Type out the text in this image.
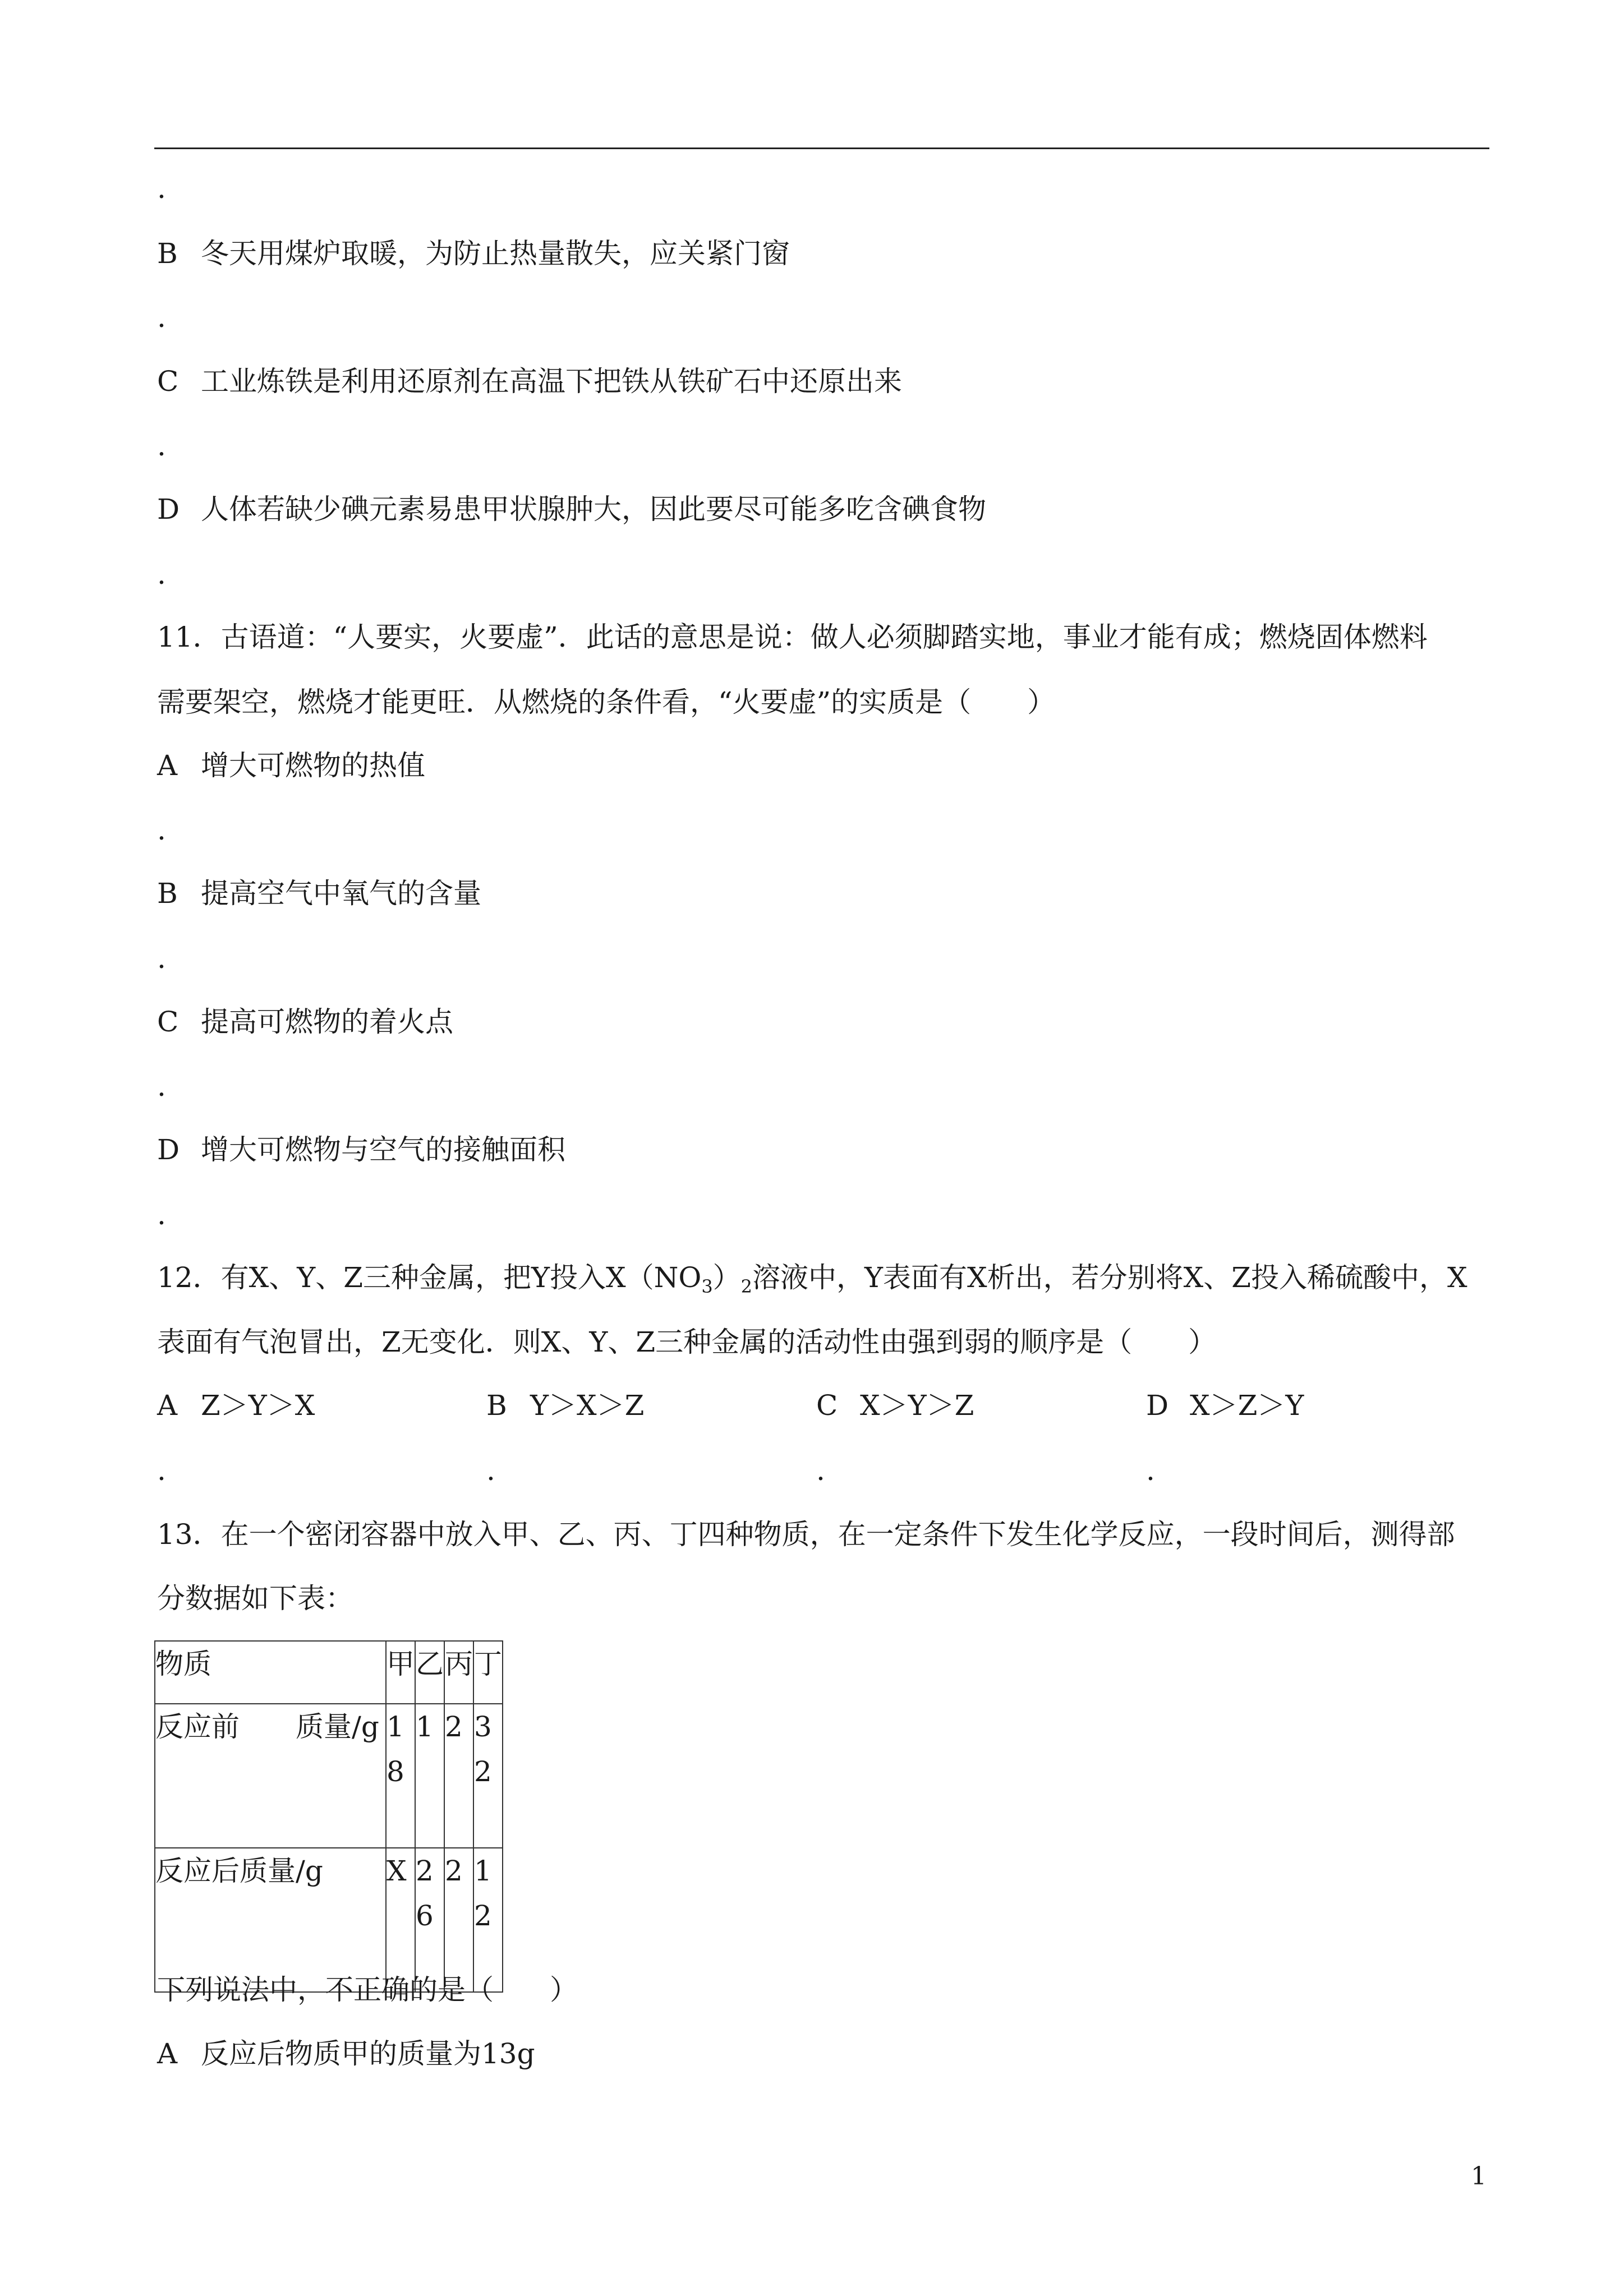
.
B 冬天用煤炉取暖，为防止热量散失，应关紧门窗
.
C 工业炼铁是利用还原剂在高温下把铁从铁矿石中还原出来
.
D 人体若缺少碘元素易患甲状腺肿大，因此要尽可能多吃含碘食物
.
11．古语道：“人要实，火要虚”．此话的意思是说：做人必须脚踏实地，事业才能有成；燃烧固体燃料
需要架空，燃烧才能更旺．从燃烧的条件看，“火要虚”的实质是（　　）
A 增大可燃物的热值
.
B 提高空气中氧气的含量
.
C 提高可燃物的着火点
.
D 增大可燃物与空气的接触面积
.
12．有X、Y、Z三种金属，把Y投入$X(NO_3)_2$溶液中，Y表面有X析出，若分别将X、Z投入稀硫酸中，X
表面有气泡冒出，Z无变化．则X、Y、Z三种金属的活动性由强到弱的顺序是（　　）
A Z＞Y＞X	B Y＞X＞Z	C X＞Y＞Z	D X＞Z＞Y
.	.	.	.
13．在一个密闭容器中放入甲、乙、丙、丁四种物质，在一定条件下发生化学反应，一段时间后，测得部
分数据如下表：
物质	甲	乙	丙	丁
反应前　　质量/g	18	1	2	32
反应后质量/g	X	26	2	12
下列说法中，不正确的是（　　）
A 反应后物质甲的质量为13g
1
